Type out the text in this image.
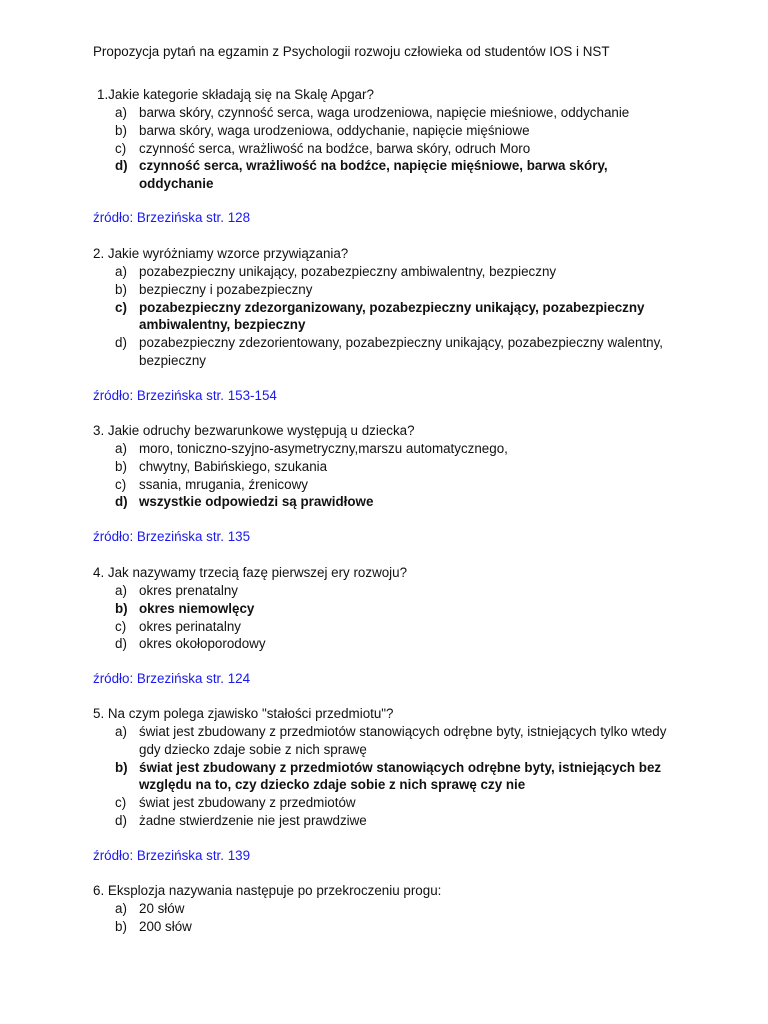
Propozycja pytań na egzamin z Psychologii rozwoju człowieka od studentów IOS i NST
1.Jakie kategorie składają się na Skalę Apgar?
a) barwa skóry, czynność serca, waga urodzeniowa, napięcie mieśniowe, oddychanie
b) barwa skóry, waga urodzeniowa, oddychanie, napięcie mięśniowe
c) czynność serca, wrażliwość na bodźce, barwa skóry, odruch Moro
d) czynność serca, wrażliwość na bodźce, napięcie mięśniowe, barwa skóry, oddychanie
źródło: Brzezińska str. 128
2. Jakie wyróżniamy wzorce przywiązania?
a) pozabezpieczny unikający, pozabezpieczny ambiwalentny, bezpieczny
b) bezpieczny i pozabezpieczny
c) pozabezpieczny zdezorganizowany, pozabezpieczny unikający, pozabezpieczny ambiwalentny, bezpieczny
d) pozabezpieczny zdezorientowany, pozabezpieczny unikający, pozabezpieczny walentny, bezpieczny
źródło: Brzezińska str. 153-154
3. Jakie odruchy bezwarunkowe występują u dziecka?
a) moro, toniczno-szyjno-asymetryczny,marszu automatycznego,
b) chwytny, Babińskiego, szukania
c) ssania, mrugania, źrenicowy
d) wszystkie odpowiedzi są prawidłowe
źródło: Brzezińska str. 135
4. Jak nazywamy trzecią fazę pierwszej ery rozwoju?
a) okres prenatalny
b) okres niemowlęcy
c) okres perinatalny
d) okres okołoporodowy
źródło: Brzezińska str. 124
5. Na czym polega zjawisko "stałości przedmiotu"?
a) świat jest zbudowany z przedmiotów stanowiących odrębne byty, istniejących tylko wtedy gdy dziecko zdaje sobie z nich sprawę
b) świat jest zbudowany z przedmiotów stanowiących odrębne byty, istniejących bez względu na to, czy dziecko zdaje sobie z nich sprawę czy nie
c) świat jest zbudowany z przedmiotów
d) żadne stwierdzenie nie jest prawdziwe
źródło: Brzezińska str. 139
6. Eksplozja nazywania następuje po przekroczeniu progu:
a) 20 słów
b) 200 słów
